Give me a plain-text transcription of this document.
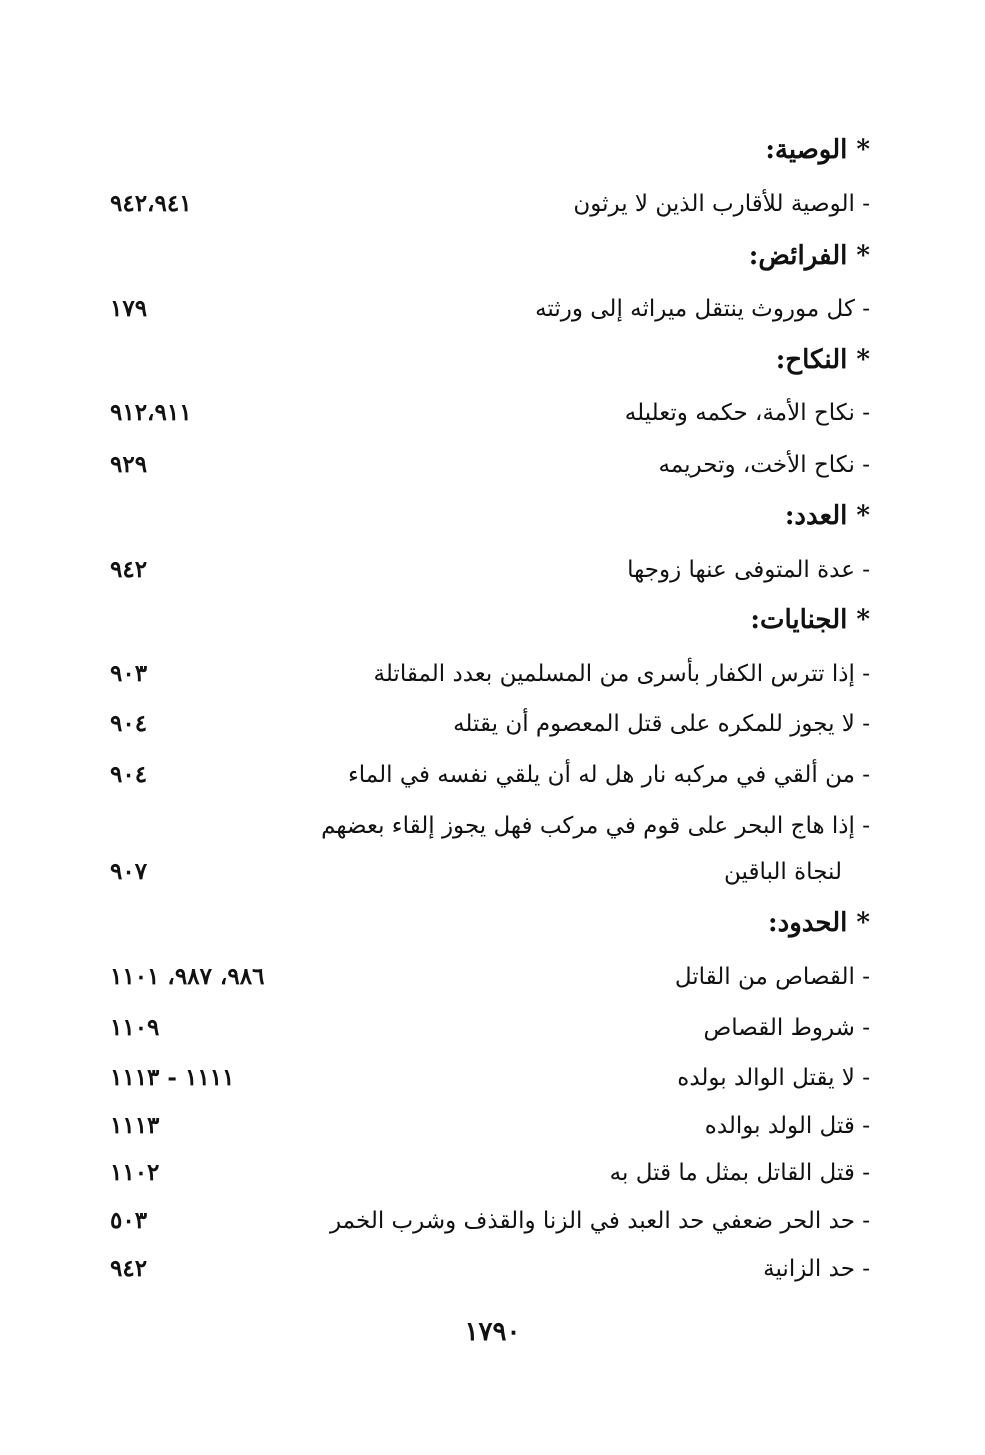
* الوصية:
- الوصية للأقارب الذين لا يرثون
٩٤٢،٩٤١
* الفرائض:
- كل موروث ينتقل ميراثه إلى ورثته
١٧٩
* النكاح:
- نكاح الأمة، حكمه وتعليله
٩١٢،٩١١
- نكاح الأخت، وتحريمه
٩٢٩
* العدد:
- عدة المتوفى عنها زوجها
٩٤٢
* الجنايات:
- إذا تترس الكفار بأسرى من المسلمين بعدد المقاتلة
٩٠٣
- لا يجوز للمكره على قتل المعصوم أن يقتله
٩٠٤
- من ألقي في مركبه نار هل له أن يلقي نفسه في الماء
٩٠٤
- إذا هاج البحر على قوم في مركب فهل يجوز إلقاء بعضهم
لنجاة الباقين
٩٠٧
* الحدود:
- القصاص من القاتل
٩٨٦، ٩٨٧، ١١٠١
- شروط القصاص
١١٠٩
- لا يقتل الوالد بولده
١١١١ - ١١١٣
- قتل الولد بوالده
١١١٣
- قتل القاتل بمثل ما قتل به
١١٠٢
- حد الحر ضعفي حد العبد في الزنا والقذف وشرب الخمر
٥٠٣
- حد الزانية
٩٤٢
١٧٩٠
